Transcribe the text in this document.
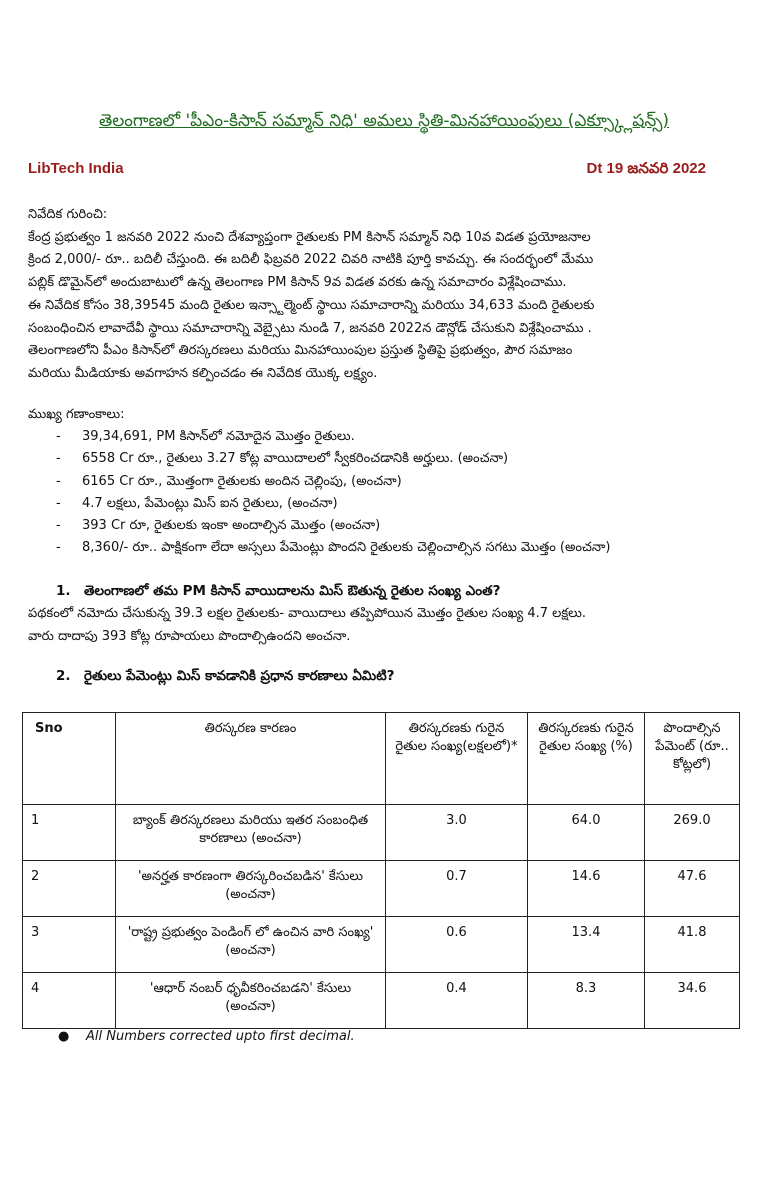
తెలంగాణలో 'పీఎం-కిసాన్ సమ్మాన్ నిధి' అమలు స్థితి-మినహాయింపులు (ఎక్స్క్లూషన్స్)
LibTech India	Dt 19 జనవరి 2022

నివేదిక గురించి:

కేంద్ర ప్రభుత్వం 1 జనవరి 2022 నుంచి దేశవ్యాప్తంగా రైతులకు PM కిసాన్ సమ్మాన్ నిధి 10వ విడత ప్రయోజనాల

క్రింద 2,000/- రూ.. బదిలీ చేస్తుంది. ఈ బదిలీ ఫిబ్రవరి 2022 చివరి నాటికి పూర్తి కావచ్చు. ఈ సందర్భంలో మేము

పబ్లిక్ డొమైన్‌లో అందుబాటులో ఉన్న తెలంగాణ PM కిసాన్ 9వ విడత వరకు ఉన్న సమాచారం విశ్లేషించాము.

ఈ నివేదిక కోసం 38,39545 మంది రైతుల ఇన్స్టాల్మెంట్ స్థాయి సమాచారాన్ని మరియు 34,633 మంది రైతులకు

సంబంధించిన లావాదేవీ స్థాయి సమాచారాన్ని వెబ్సైటు నుండి 7, జనవరి 2022న డౌన్లోడ్ చేసుకుని విశ్లేషించాము .

తెలంగాణలోని పీఎం కిసాన్‌లో తిరస్కరణలు మరియు మినహాయింపుల ప్రస్తుత స్థితిపై ప్రభుత్వం, పౌర సమాజం

మరియు మీడియాకు అవగాహన కల్పించడం ఈ నివేదిక యొక్క లక్ష్యం.

ముఖ్య గణాంకాలు:

- 39,34,691, PM కిసాన్‌లో నమోదైన మొత్తం రైతులు.
- 6558 Cr రూ., రైతులు 3.27 కోట్ల వాయిదాలలో స్వీకరించడానికి అర్హులు. (అంచనా)
- 6165 Cr రూ., మొత్తంగా రైతులకు అందిన చెల్లింపు, (అంచనా)
- 4.7 లక్షలు, పేమెంట్లు మిస్ ఐన రైతులు, (అంచనా)
- 393 Cr రూ, రైతులకు ఇంకా అందాల్సిన మొత్తం (అంచనా)
- 8,360/- రూ.. పాక్షికంగా లేదా అస్సలు పేమెంట్లు పొందని రైతులకు చెల్లించాల్సిన సగటు మొత్తం (అంచనా)
1. తెలంగాణలో తమ PM కిసాన్ వాయిదాలను మిస్ ఔతున్న రైతుల సంఖ్య ఎంత?

పథకంలో నమోదు చేసుకున్న 39.3 లక్షల రైతులకు- వాయిదాలు తప్పిపోయిన మొత్తం రైతుల సంఖ్య 4.7 లక్షలు.

వారు దాదాపు 393 కోట్ల రూపాయలు పొందాల్సిఉందని అంచనా.

2. రైతులు పేమెంట్లు మిస్ కావడానికి ప్రధాన కారణాలు ఏమిటి?
Sno	తిరస్కరణ కారణం	తిరస్కరణకు గురైన రైతుల సంఖ్య(లక్షలలో)*	తిరస్కరణకు గురైన రైతుల సంఖ్య (%)	పొందాల్సిన పేమెంట్ (రూ.. కోట్లలో)
1	బ్యాంక్ తిరస్కరణలు మరియు ఇతర సంబంధిత కారణాలు (అంచనా)	3.0	64.0	269.0
2	'అనర్హత కారణంగా తిరస్కరించబడిన' కేసులు (అంచనా)	0.7	14.6	47.6
3	'రాష్ట్ర ప్రభుత్వం పెండింగ్ లో ఉంచిన వారి సంఖ్య' (అంచనా)	0.6	13.4	41.8
4	'ఆధార్ నంబర్ ధృవీకరించబడని' కేసులు (అంచనా)	0.4	8.3	34.6
● All Numbers corrected upto first decimal.
